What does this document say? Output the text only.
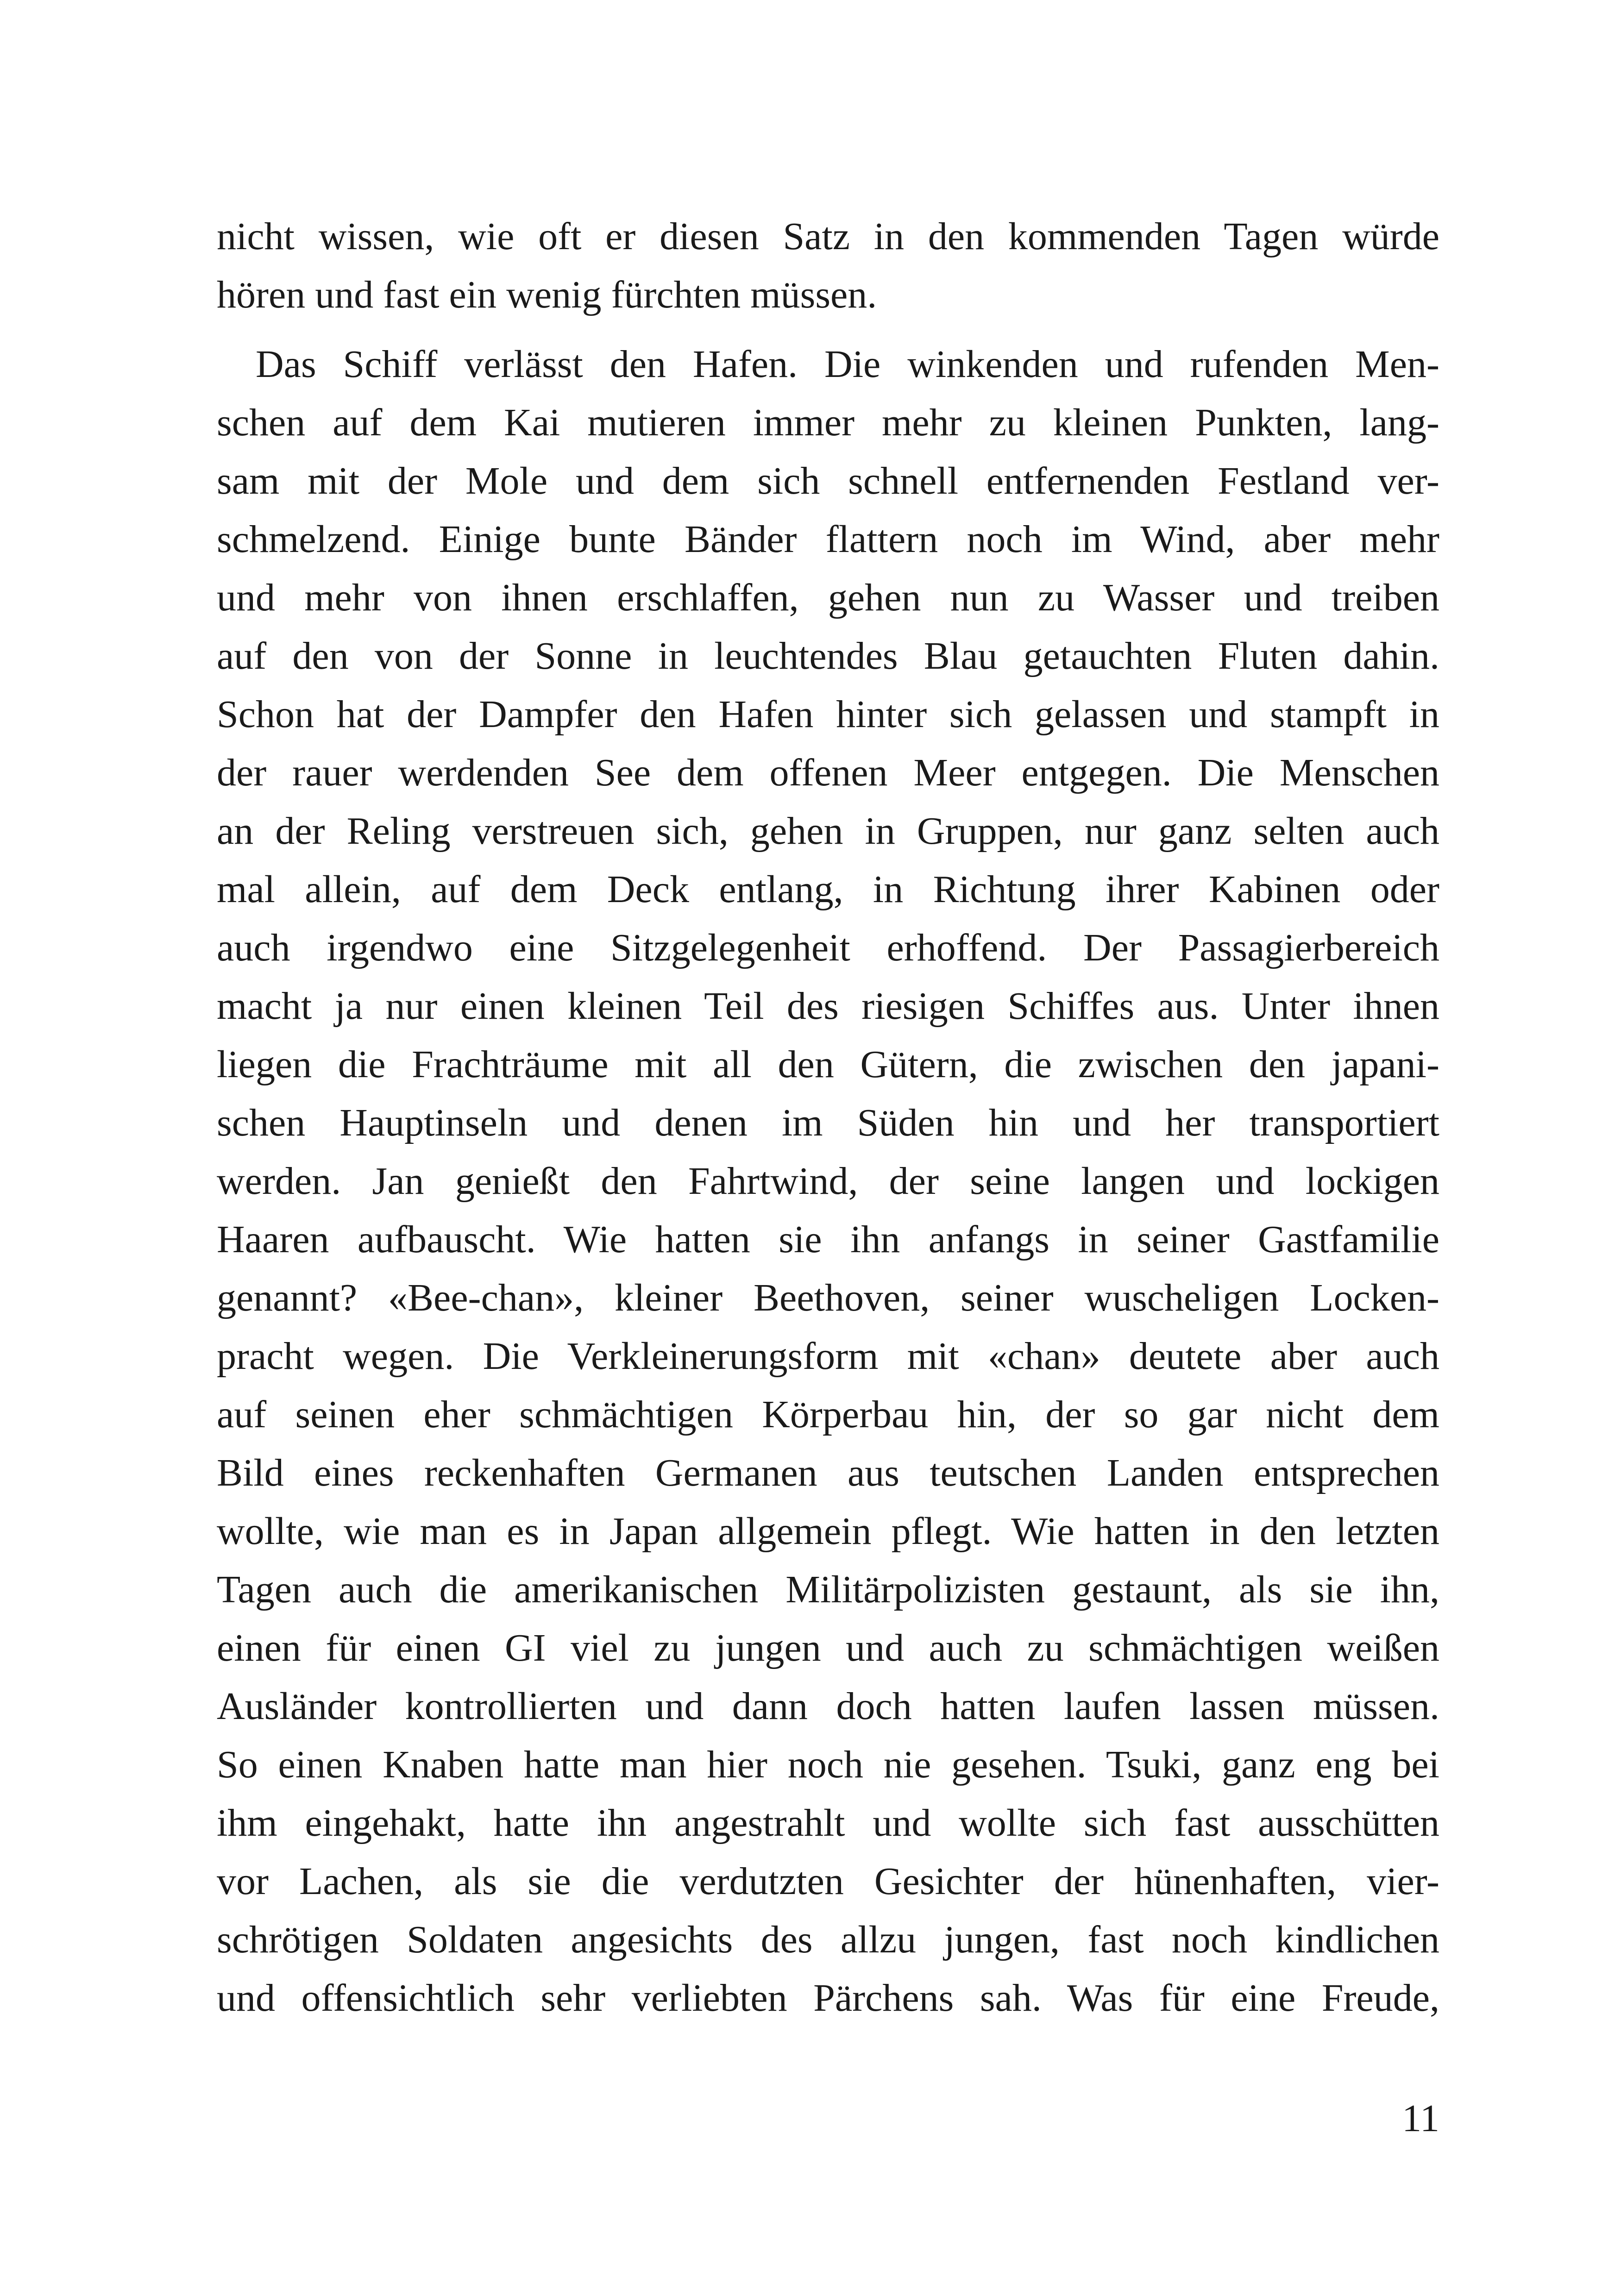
nicht wissen, wie oft er diesen Satz in den kommenden Tagen würde
hören und fast ein wenig fürchten müssen.
Das Schiff verlässt den Hafen. Die winkenden und rufenden Men-
schen auf dem Kai mutieren immer mehr zu kleinen Punkten, lang-
sam mit der Mole und dem sich schnell entfernenden Festland ver-
schmelzend. Einige bunte Bänder flattern noch im Wind, aber mehr
und mehr von ihnen erschlaffen, gehen nun zu Wasser und treiben
auf den von der Sonne in leuchtendes Blau getauchten Fluten dahin.
Schon hat der Dampfer den Hafen hinter sich gelassen und stampft in
der rauer werdenden See dem offenen Meer entgegen. Die Menschen
an der Reling verstreuen sich, gehen in Gruppen, nur ganz selten auch
mal allein, auf dem Deck entlang, in Richtung ihrer Kabinen oder
auch irgendwo eine Sitzgelegenheit erhoffend. Der Passagierbereich
macht ja nur einen kleinen Teil des riesigen Schiffes aus. Unter ihnen
liegen die Frachträume mit all den Gütern, die zwischen den japani-
schen Hauptinseln und denen im Süden hin und her transportiert
werden. Jan genießt den Fahrtwind, der seine langen und lockigen
Haaren aufbauscht. Wie hatten sie ihn anfangs in seiner Gastfamilie
genannt? «Bee-chan», kleiner Beethoven, seiner wuscheligen Locken-
pracht wegen. Die Verkleinerungsform mit «chan» deutete aber auch
auf seinen eher schmächtigen Körperbau hin, der so gar nicht dem
Bild eines reckenhaften Germanen aus teutschen Landen entsprechen
wollte, wie man es in Japan allgemein pflegt. Wie hatten in den letzten
Tagen auch die amerikanischen Militärpolizisten gestaunt, als sie ihn,
einen für einen GI viel zu jungen und auch zu schmächtigen weißen
Ausländer kontrollierten und dann doch hatten laufen lassen müssen.
So einen Knaben hatte man hier noch nie gesehen. Tsuki, ganz eng bei
ihm eingehakt, hatte ihn angestrahlt und wollte sich fast ausschütten
vor Lachen, als sie die verdutzten Gesichter der hünenhaften, vier-
schrötigen Soldaten angesichts des allzu jungen, fast noch kindlichen
und offensichtlich sehr verliebten Pärchens sah. Was für eine Freude,
11
